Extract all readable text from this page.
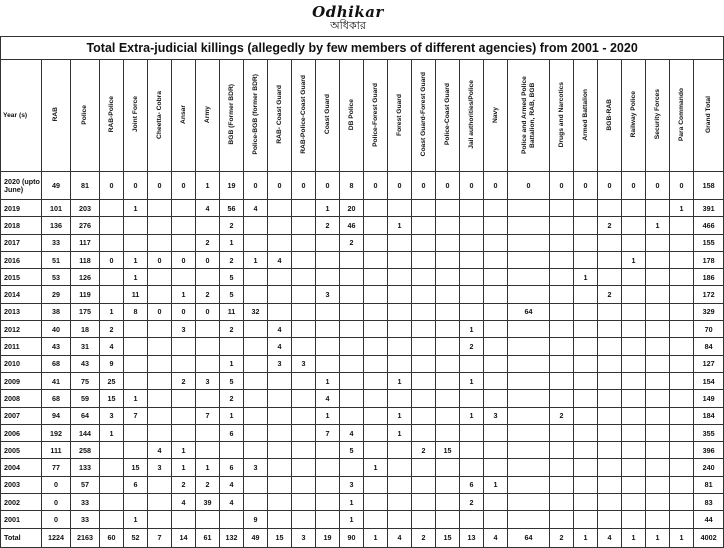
Odhikar
অধিকার
Total Extra-judicial killings (allegedly by few members of different agencies) from 2001 - 2020																											
Year (s)	RAB	Police	RAB-Police	Joint Force	Cheetta- Cobra	Ansar	Army	BGB (Former BDR)	Police-BGB (former BDR)	RAB- Coast Guard	RAB-Police-Coast Guard	Coast Guard	DB Police	Police-Forest Guard	Forest Guard	Coast Guard-Forest Guard	Police-Coast Guard	Jail authorities/Police	Navy	Police and Armed Police Battalion, RAB, BGB	Drugs and Narcotics	Armed Battalion	BGB-RAB	Railway Police	Security Forces	Para Commando	Grand Total
2020 (upto June)	49	81	0	0	0	0	1	19	0	0	0	0	8	0	0	0	0	0	0	0	0	0	0	0	0	0	158
2019	101	203		1			4	56	4			1	20													1	391
2018	136	276						2				2	46		1								2		1		466
2017	33	117					2	1					2														155
2016	51	118	0	1	0	0	0	2	1	4														1			178
2015	53	126		1				5														1					186
2014	29	119		11		1	2	5				3											2				172
2013	38	175	1	8	0	0	0	11	32											64							329
2012	40	18	2			3		2		4								1									70
2011	43	31	4							4								2									84
2010	68	43	9					1		3	3																127
2009	41	75	25			2	3	5				1			1			1									154
2008	68	59	15	1				2				4															149
2007	94	64	3	7			7	1				1			1			1	3		2						184
2006	192	144	1					6				7	4		1												355
2005	111	258			4	1							5			2	15										396
2004	77	133		15	3	1	1	6	3					1													240
2003	0	57		6		2	2	4					3					6	1								81
2002	0	33				4	39	4					1					2									83
2001	0	33		1					9				1														44
Total	1224	2163	60	52	7	14	61	132	49	15	3	19	90	1	4	2	15	13	4	64	2	1	4	1	1	1	4002
